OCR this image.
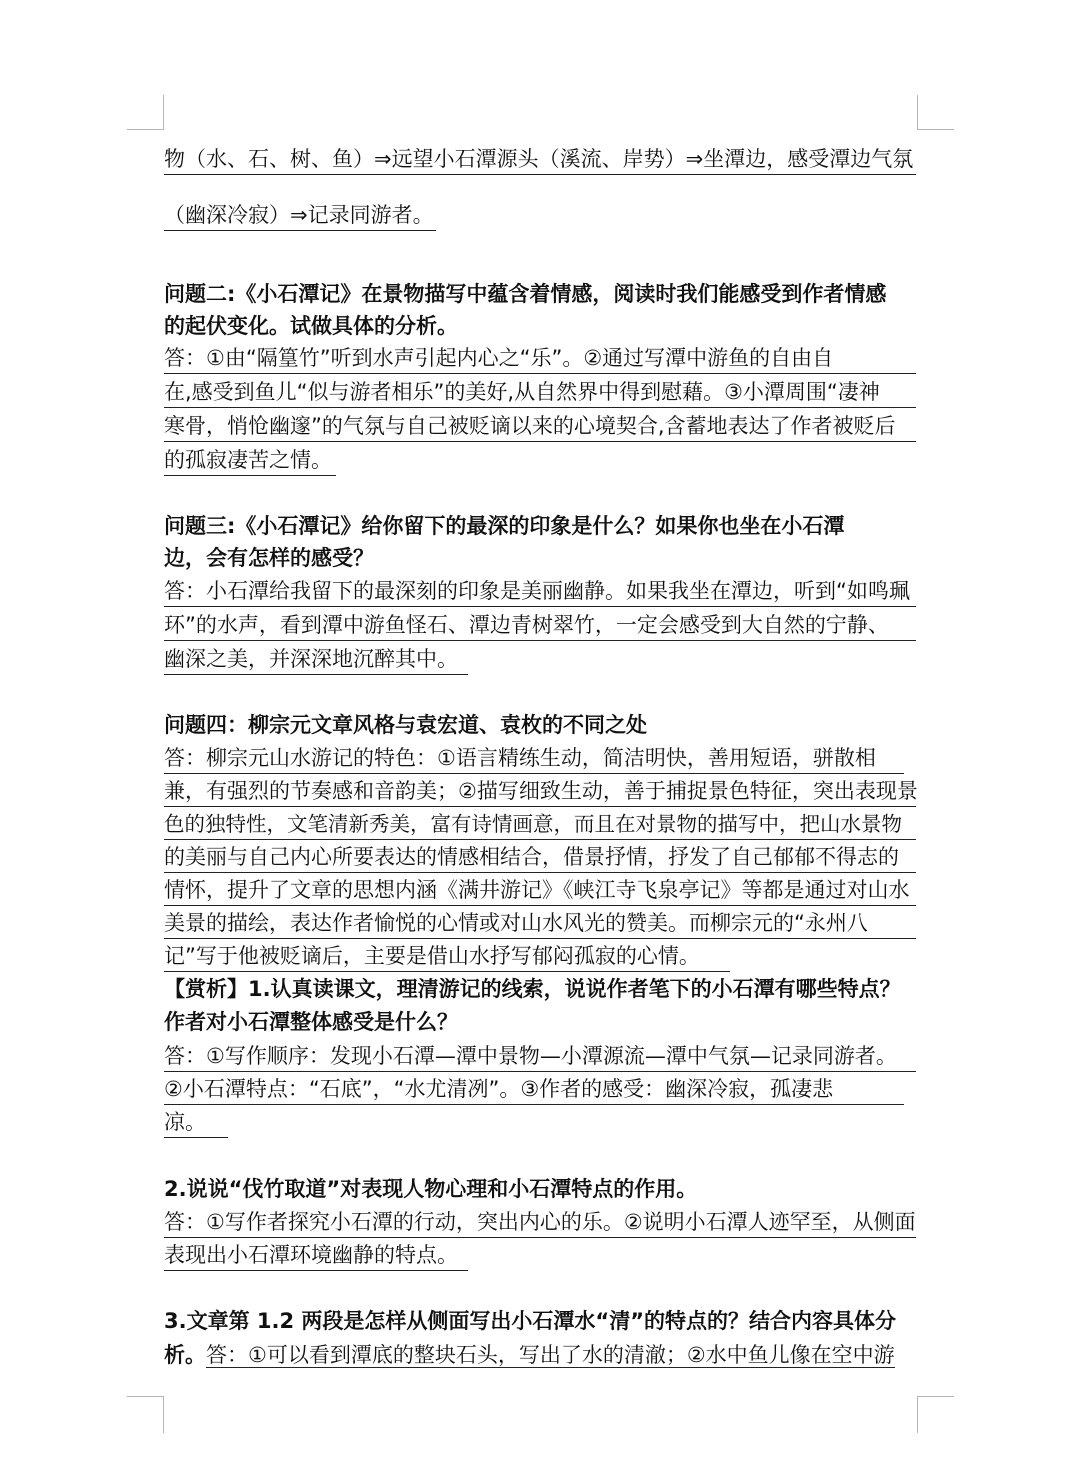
物（水、石、树、鱼）⇒远望小石潭源头（溪流、岸势）⇒坐潭边，感受潭边气氛
（幽深冷寂）⇒记录同游者。
问题二:《小石潭记》在景物描写中蕴含着情感，阅读时我们能感受到作者情感
的起伏变化。试做具体的分析。
答：①由“隔篁竹”听到水声引起内心之“乐”。②通过写潭中游鱼的自由自
在,感受到鱼儿“似与游者相乐”的美好,从自然界中得到慰藉。③小潭周围“凄神
寒骨，悄怆幽邃”的气氛与自己被贬谪以来的心境契合,含蓄地表达了作者被贬后
的孤寂凄苦之情。
问题三:《小石潭记》给你留下的最深的印象是什么？如果你也坐在小石潭
边，会有怎样的感受？
答：小石潭给我留下的最深刻的印象是美丽幽静。如果我坐在潭边，听到“如鸣珮
环”的水声，看到潭中游鱼怪石、潭边青树翠竹，一定会感受到大自然的宁静、
幽深之美，并深深地沉醉其中。
问题四：柳宗元文章风格与袁宏道、袁枚的不同之处
答：柳宗元山水游记的特色：①语言精练生动，简洁明快，善用短语，骈散相
兼，有强烈的节奏感和音韵美；②描写细致生动，善于捕捉景色特征，突出表现景
色的独特性，文笔清新秀美，富有诗情画意，而且在对景物的描写中，把山水景物
的美丽与自己内心所要表达的情感相结合，借景抒情，抒发了自己郁郁不得志的
情怀，提升了文章的思想内涵《满井游记》《峡江寺飞泉亭记》等都是通过对山水
美景的描绘，表达作者愉悦的心情或对山水风光的赞美。而柳宗元的“永州八
记”写于他被贬谪后，主要是借山水抒写郁闷孤寂的心情。
【赏析】1.认真读课文，理清游记的线索，说说作者笔下的小石潭有哪些特点？
作者对小石潭整体感受是什么？
答：①写作顺序：发现小石潭—潭中景物—小潭源流—潭中气氛—记录同游者。
②小石潭特点：“石底”，“水尤清冽”。③作者的感受：幽深冷寂，孤凄悲
凉。
2.说说“伐竹取道”对表现人物心理和小石潭特点的作用。
答：①写作者探究小石潭的行动，突出内心的乐。②说明小石潭人迹罕至，从侧面
表现出小石潭环境幽静的特点。
3.文章第 1.2 两段是怎样从侧面写出小石潭水“清”的特点的？结合内容具体分
析。答：①可以看到潭底的整块石头，写出了水的清澈；②水中鱼儿像在空中游
